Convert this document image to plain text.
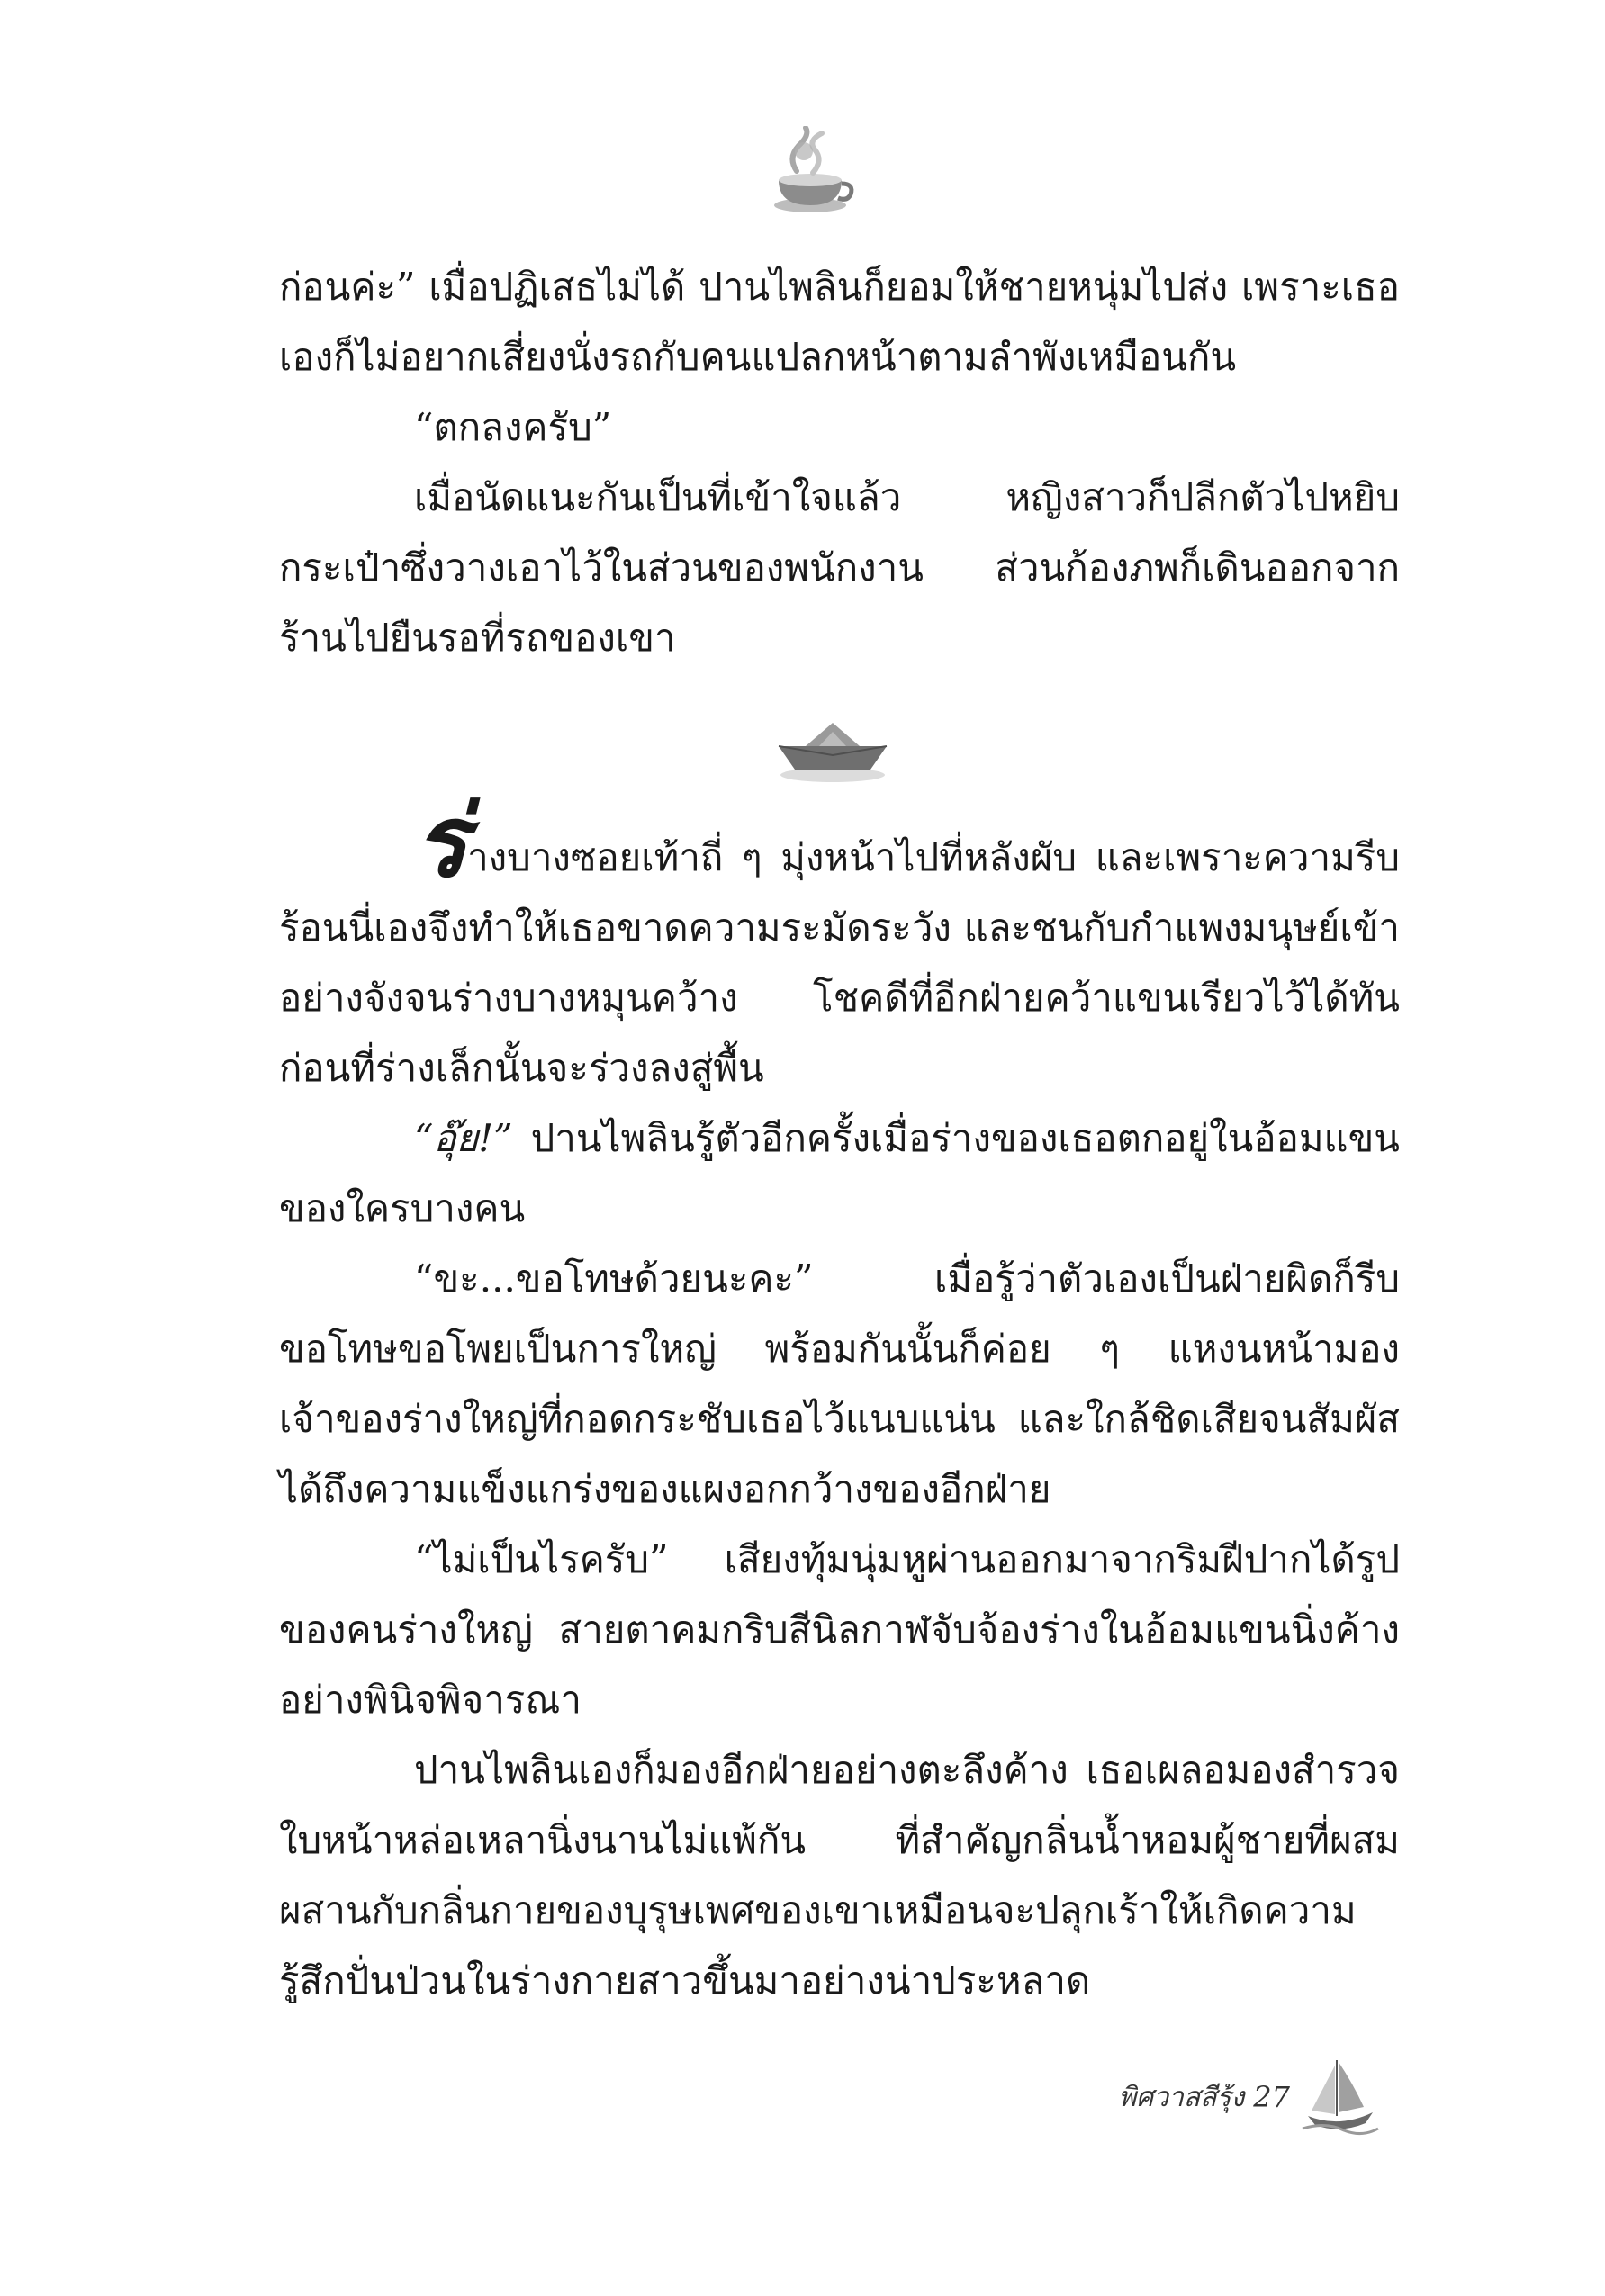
ก่อนค่ะ” เมื่อปฏิเสธไม่ได้ ปานไพลินก็ยอมให้ชายหนุ่มไปส่ง เพราะเธอเองก็ไม่อยากเสี่ยงนั่งรถกับคนแปลกหน้าตามลำพังเหมือนกัน

“ตกลงครับ”

เมื่อนัดแนะกันเป็นที่เข้าใจแล้ว หญิงสาวก็ปลีกตัวไปหยิบกระเป๋าซึ่งวางเอาไว้ในส่วนของพนักงาน ส่วนก้องภพก็เดินออกจากร้านไปยืนรอที่รถของเขา

ร่างบางซอยเท้าถี่ ๆ มุ่งหน้าไปที่หลังผับ และเพราะความรีบร้อนนี่เองจึงทำให้เธอขาดความระมัดระวัง และชนกับกำแพงมนุษย์เข้าอย่างจังจนร่างบางหมุนคว้าง โชคดีที่อีกฝ่ายคว้าแขนเรียวไว้ได้ทันก่อนที่ร่างเล็กนั้นจะร่วงลงสู่พื้น

“อุ๊ย!” ปานไพลินรู้ตัวอีกครั้งเมื่อร่างของเธอตกอยู่ในอ้อมแขนของใครบางคน

“ขะ...ขอโทษด้วยนะคะ” เมื่อรู้ว่าตัวเองเป็นฝ่ายผิดก็รีบขอโทษขอโพยเป็นการใหญ่ พร้อมกันนั้นก็ค่อย ๆ แหงนหน้ามองเจ้าของร่างใหญ่ที่กอดกระชับเธอไว้แนบแน่น และใกล้ชิดเสียจนสัมผัสได้ถึงความแข็งแกร่งของแผงอกกว้างของอีกฝ่าย

“ไม่เป็นไรครับ” เสียงทุ้มนุ่มหูผ่านออกมาจากริมฝีปากได้รูปของคนร่างใหญ่ สายตาคมกริบสีนิลกาฬจับจ้องร่างในอ้อมแขนนิ่งค้างอย่างพินิจพิจารณา

ปานไพลินเองก็มองอีกฝ่ายอย่างตะลึงค้าง เธอเผลอมองสำรวจใบหน้าหล่อเหลานิ่งนานไม่แพ้กัน ที่สำคัญกลิ่นน้ำหอมผู้ชายที่ผสมผสานกับกลิ่นกายของบุรุษเพศของเขาเหมือนจะปลุกเร้าให้เกิดความรู้สึกปั่นป่วนในร่างกายสาวขึ้นมาอย่างน่าประหลาด

พิศวาสสีรุ้ง 27
